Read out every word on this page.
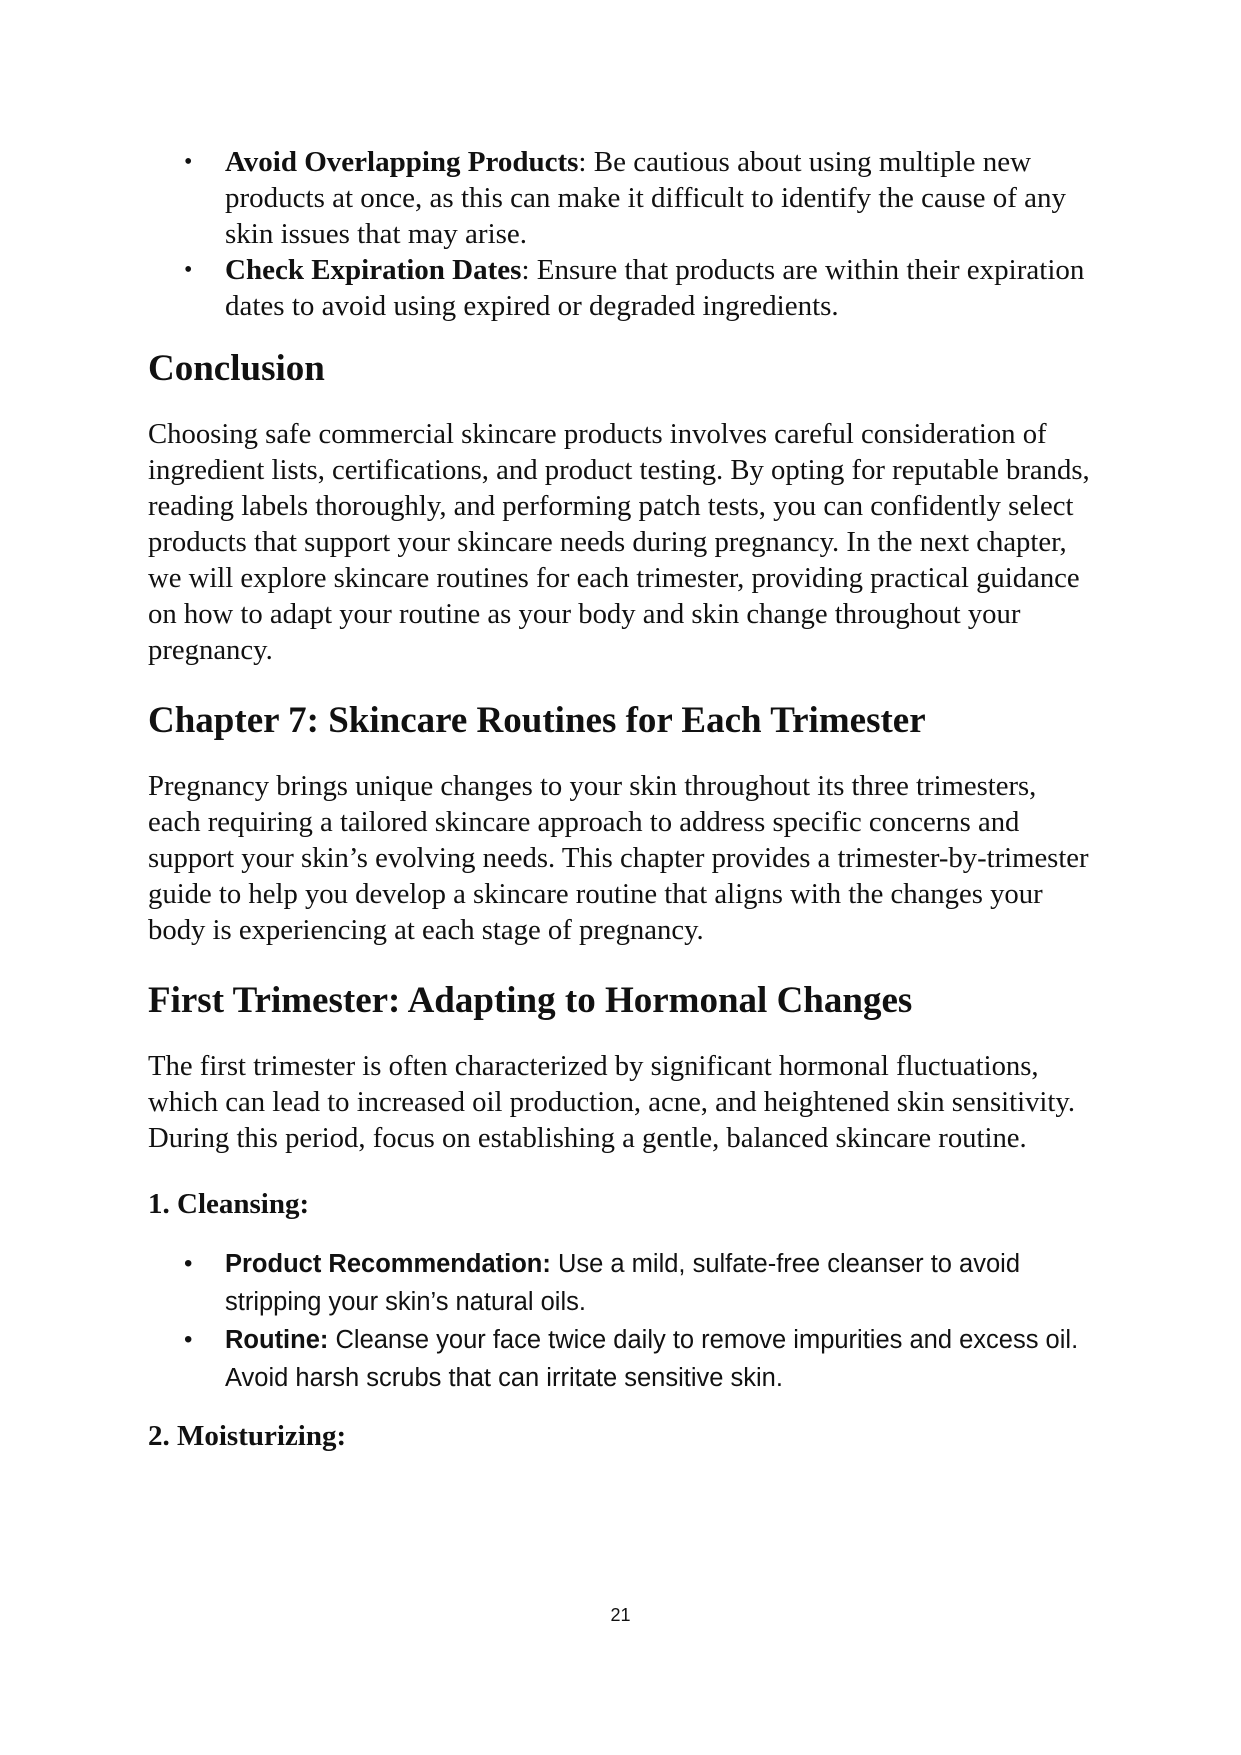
• Avoid Overlapping Products: Be cautious about using multiple new products at once, as this can make it difficult to identify the cause of any skin issues that may arise.
• Check Expiration Dates: Ensure that products are within their expiration dates to avoid using expired or degraded ingredients.
Conclusion

Choosing safe commercial skincare products involves careful consideration of ingredient lists, certifications, and product testing. By opting for reputable brands, reading labels thoroughly, and performing patch tests, you can confidently select products that support your skincare needs during pregnancy. In the next chapter, we will explore skincare routines for each trimester, providing practical guidance on how to adapt your routine as your body and skin change throughout your pregnancy.

Chapter 7: Skincare Routines for Each Trimester

Pregnancy brings unique changes to your skin throughout its three trimesters, each requiring a tailored skincare approach to address specific concerns and support your skin’s evolving needs. This chapter provides a trimester-by-trimester guide to help you develop a skincare routine that aligns with the changes your body is experiencing at each stage of pregnancy.

First Trimester: Adapting to Hormonal Changes

The first trimester is often characterized by significant hormonal fluctuations, which can lead to increased oil production, acne, and heightened skin sensitivity. During this period, focus on establishing a gentle, balanced skincare routine.

1. Cleansing:
• Product Recommendation: Use a mild, sulfate-free cleanser to avoid stripping your skin’s natural oils.
• Routine: Cleanse your face twice daily to remove impurities and excess oil. Avoid harsh scrubs that can irritate sensitive skin.
2. Moisturizing:
21
